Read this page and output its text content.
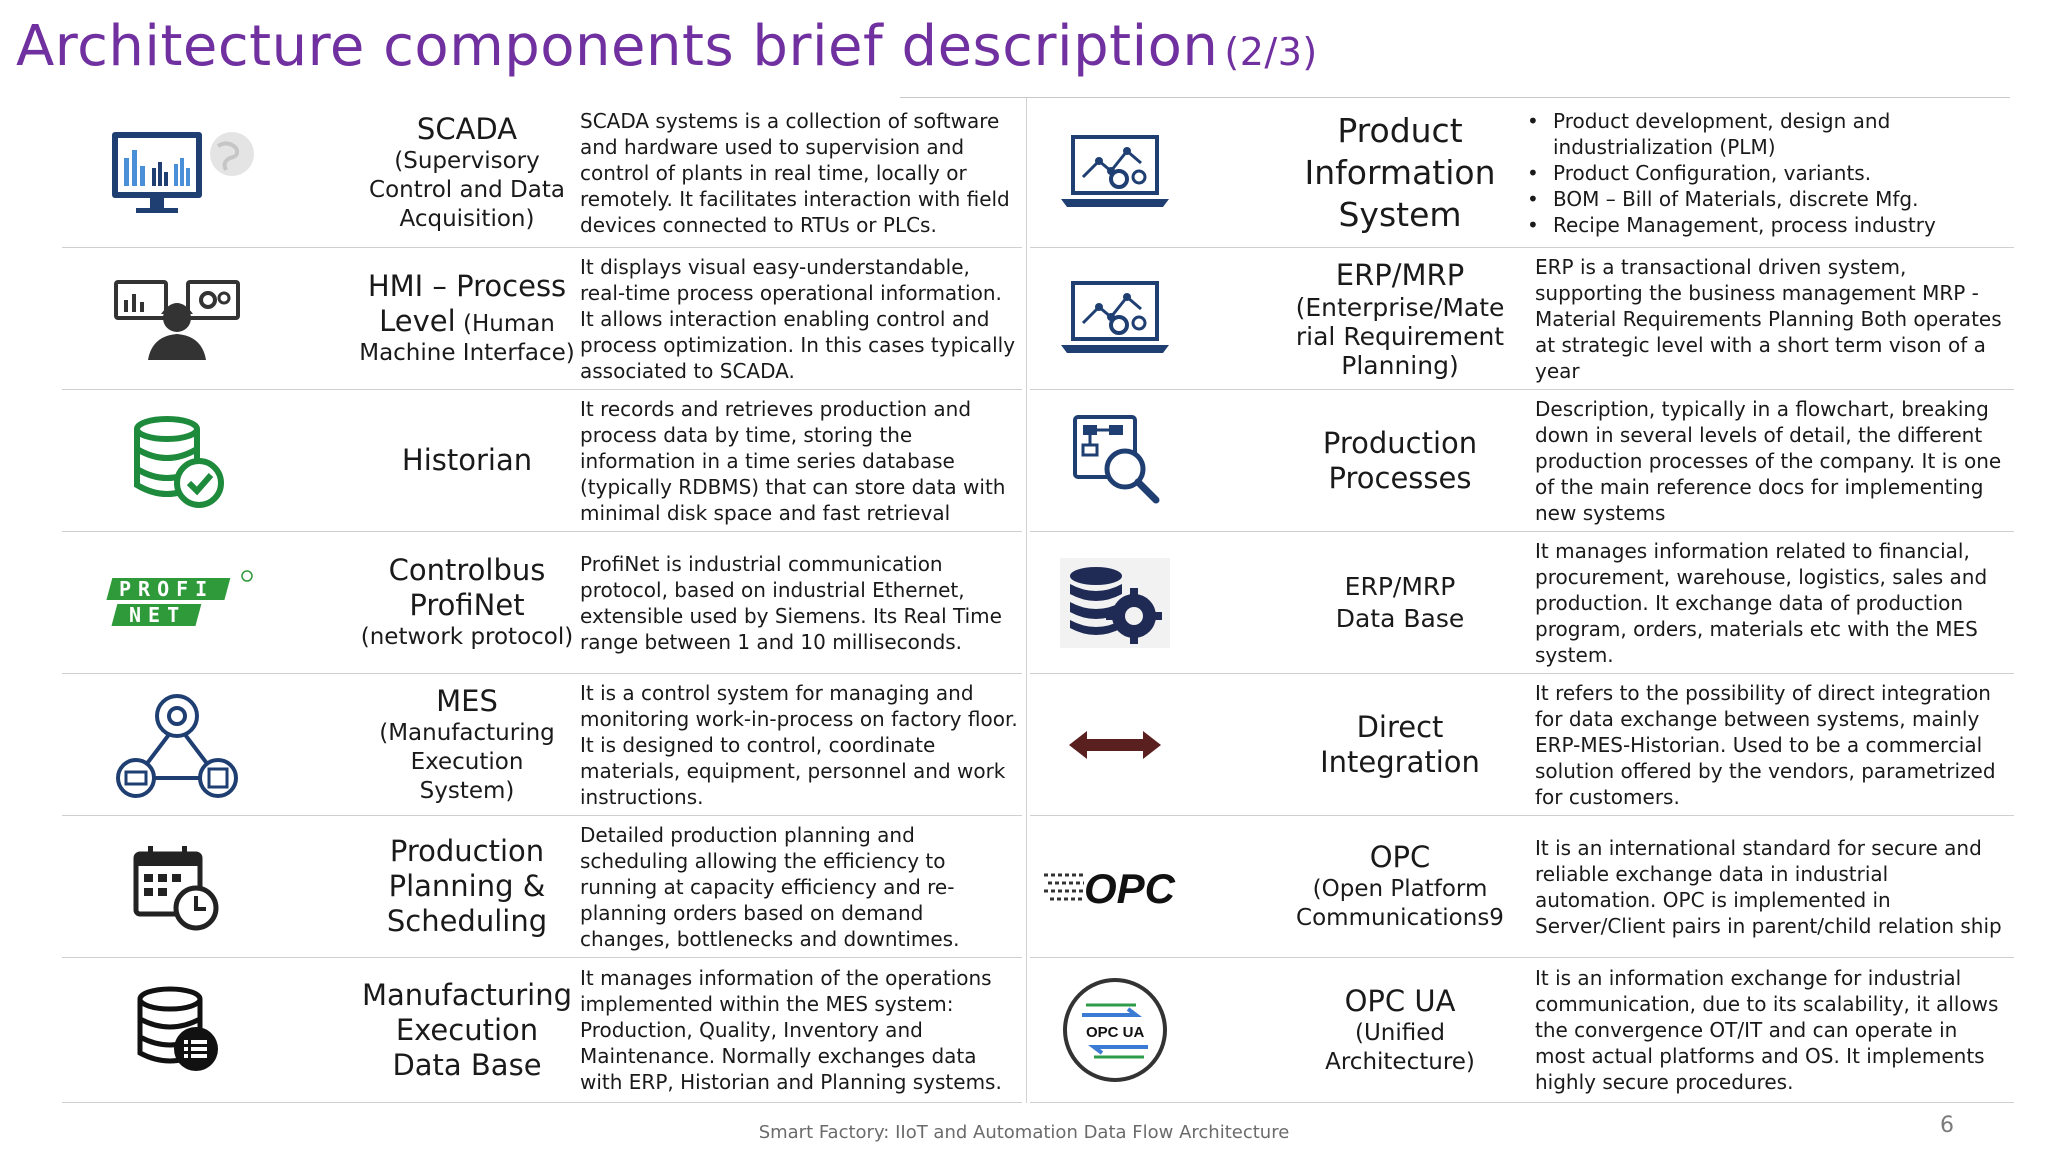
Architecture components brief description (2/3)
SCADA
(Supervisory
Control and Data
Acquisition)
SCADA systems is a collection of software and hardware used to supervision and control of plants in real time, locally or remotely. It facilitates interaction with field devices connected to RTUs or PLCs.
HMI – Process
Level (Human
Machine Interface)
It displays visual easy-understandable, real-time process operational information. It allows interaction enabling control and process optimization. In this cases typically associated to SCADA.
Historian
It records and retrieves production and process data by time, storing the information in a time series database (typically RDBMS) that can store data with minimal disk space and fast retrieval
PROFI
NET
Controlbus
ProfiNet
(network protocol)
ProfiNet is industrial communication protocol, based on industrial Ethernet, extensible used by Siemens. Its Real Time range between 1 and 10 milliseconds.
MES
(Manufacturing
Execution
System)
It is a control system for managing and monitoring work-in-process on factory floor. It is designed to control, coordinate materials, equipment, personnel and work instructions.
Production
Planning &
Scheduling
Detailed production planning and scheduling allowing the efficiency to running at capacity efficiency and re-planning orders based on demand changes, bottlenecks and downtimes.
Manufacturing
Execution
Data Base
It manages information of the operations implemented within the MES system: Production, Quality, Inventory and Maintenance. Normally exchanges data with ERP, Historian and Planning systems.
Product
Information
System
• Product development, design and industrialization (PLM)
• Product Configuration, variants.
• BOM – Bill of Materials, discrete Mfg.
• Recipe Management, process industry
ERP/MRP
(Enterprise/Mate
rial Requirement
Planning)
ERP is a transactional driven system, supporting the business management MRP - Material Requirements Planning Both operates at strategic level with a short term vison of a year
Production
Processes
Description, typically in a flowchart, breaking down in several levels of detail, the different production processes of the company. It is one of the main reference docs for implementing new systems
ERP/MRP
Data Base
It manages information related to financial, procurement, warehouse, logistics, sales and production. It exchange data of production program, orders, materials etc with the MES system.
Direct
Integration
It refers to the possibility of direct integration for data exchange between systems, mainly ERP-MES-Historian. Used to be a commercial solution offered by the vendors, parametrized for customers.
OPC
OPC
(Open Platform
Communications9
It is an international standard for secure and reliable exchange data in industrial automation. OPC is implemented in Server/Client pairs in parent/child relation ship
OPC UA
OPC UA
(Unified
Architecture)
It is an information exchange for industrial communication, due to its scalability, it allows the convergence OT/IT and can operate in most actual platforms and OS. It implements highly secure procedures.
Smart Factory: IIoT and Automation Data Flow Architecture	6
